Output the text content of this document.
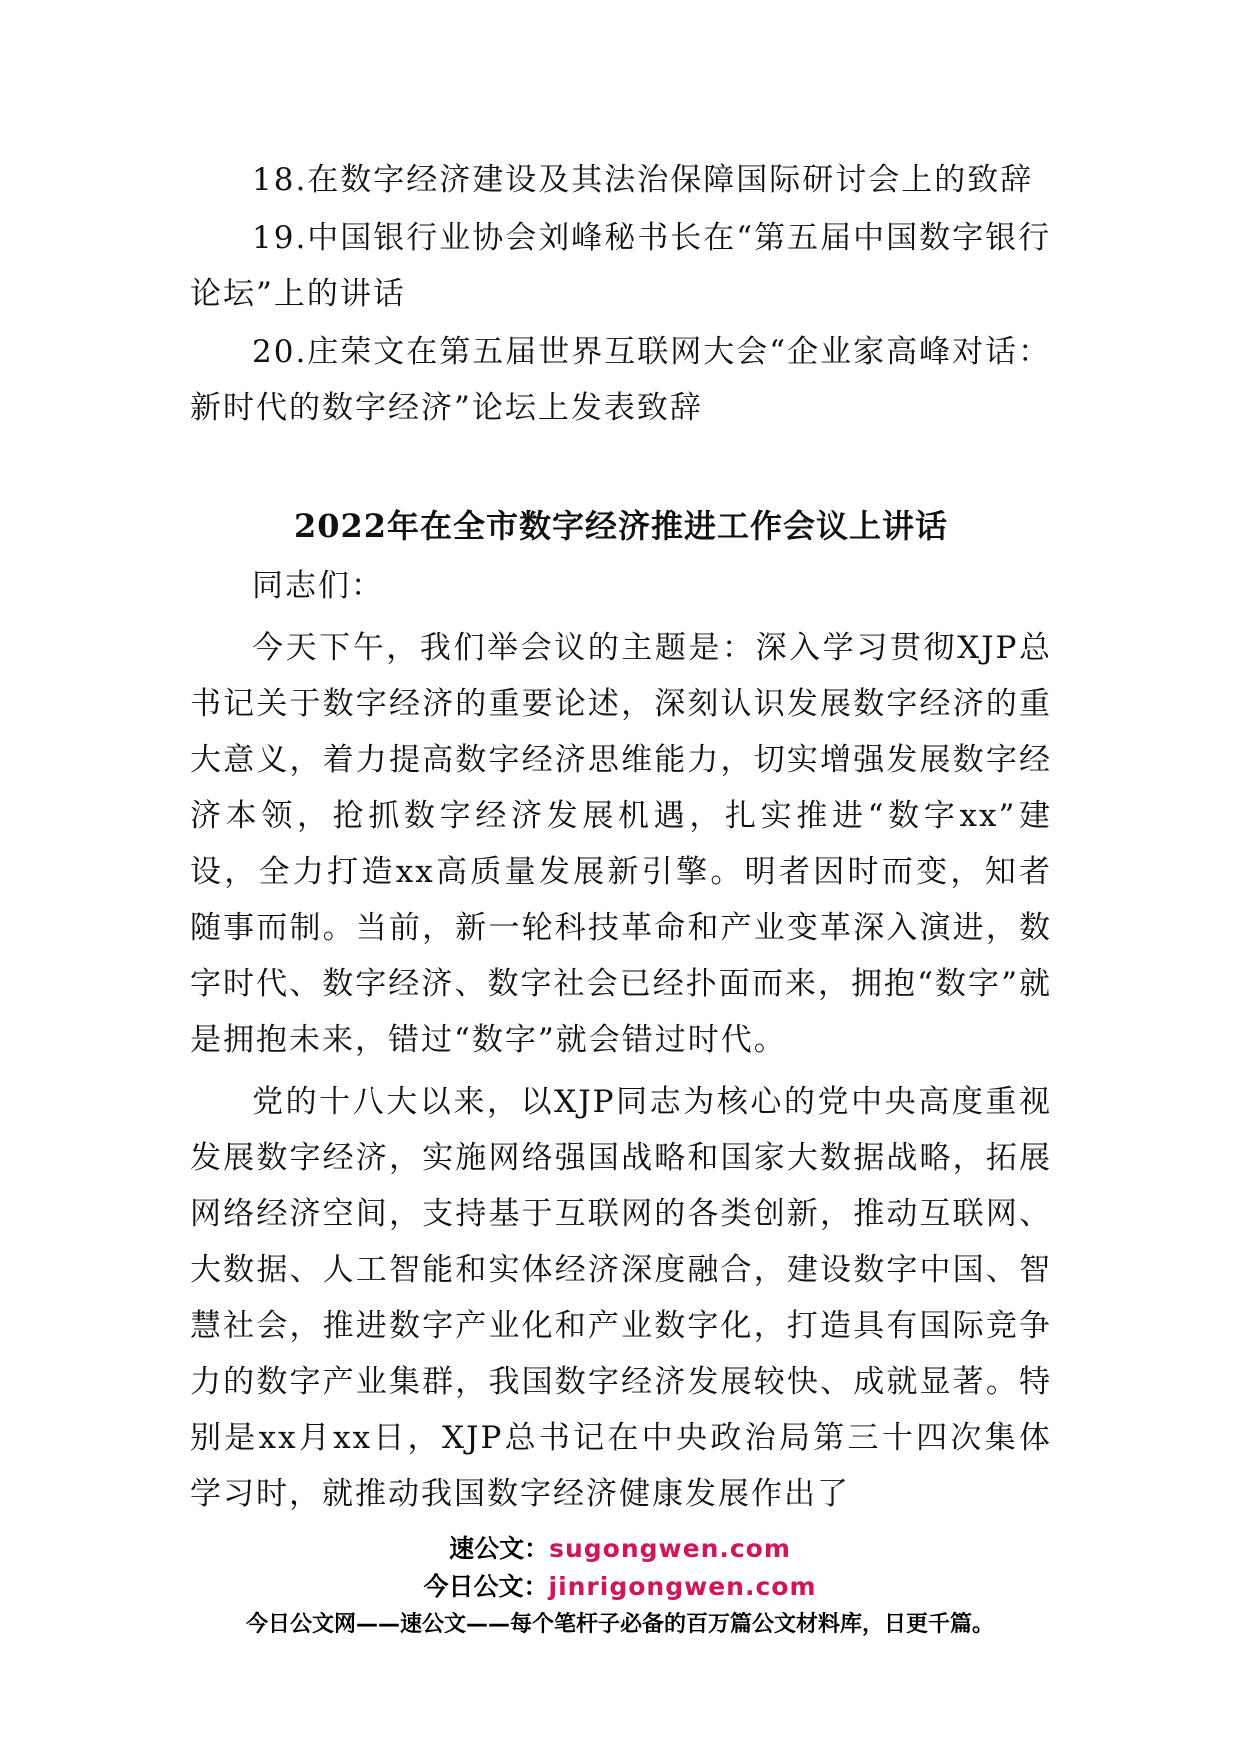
18.在数字经济建设及其法治保障国际研讨会上的致辞

19.中国银行业协会刘峰秘书长在“第五届中国数字银行论坛”上的讲话

20.庄荣文在第五届世界互联网大会“企业家高峰对话：新时代的数字经济”论坛上发表致辞

2022年在全市数字经济推进工作会议上讲话

同志们：

今天下午，我们举会议的主题是：深入学习贯彻XJP总书记关于数字经济的重要论述，深刻认识发展数字经济的重大意义，着力提高数字经济思维能力，切实增强发展数字经济本领，抢抓数字经济发展机遇，扎实推进“数字xx”建设，全力打造xx高质量发展新引擎。明者因时而变，知者随事而制。当前，新一轮科技革命和产业变革深入演进，数字时代、数字经济、数字社会已经扑面而来，拥抱“数字”就是拥抱未来，错过“数字”就会错过时代。

党的十八大以来，以XJP同志为核心的党中央高度重视发展数字经济，实施网络强国战略和国家大数据战略，拓展网络经济空间，支持基于互联网的各类创新，推动互联网、大数据、人工智能和实体经济深度融合，建设数字中国、智慧社会，推进数字产业化和产业数字化，打造具有国际竞争力的数字产业集群，我国数字经济发展较快、成就显著。特别是xx月xx日，XJP总书记在中央政治局第三十四次集体学习时，就推动我国数字经济健康发展作出了

速公文：sugongwen.com
今日公文：jinrigongwen.com
今日公文网——速公文——每个笔杆子必备的百万篇公文材料库，日更千篇。
